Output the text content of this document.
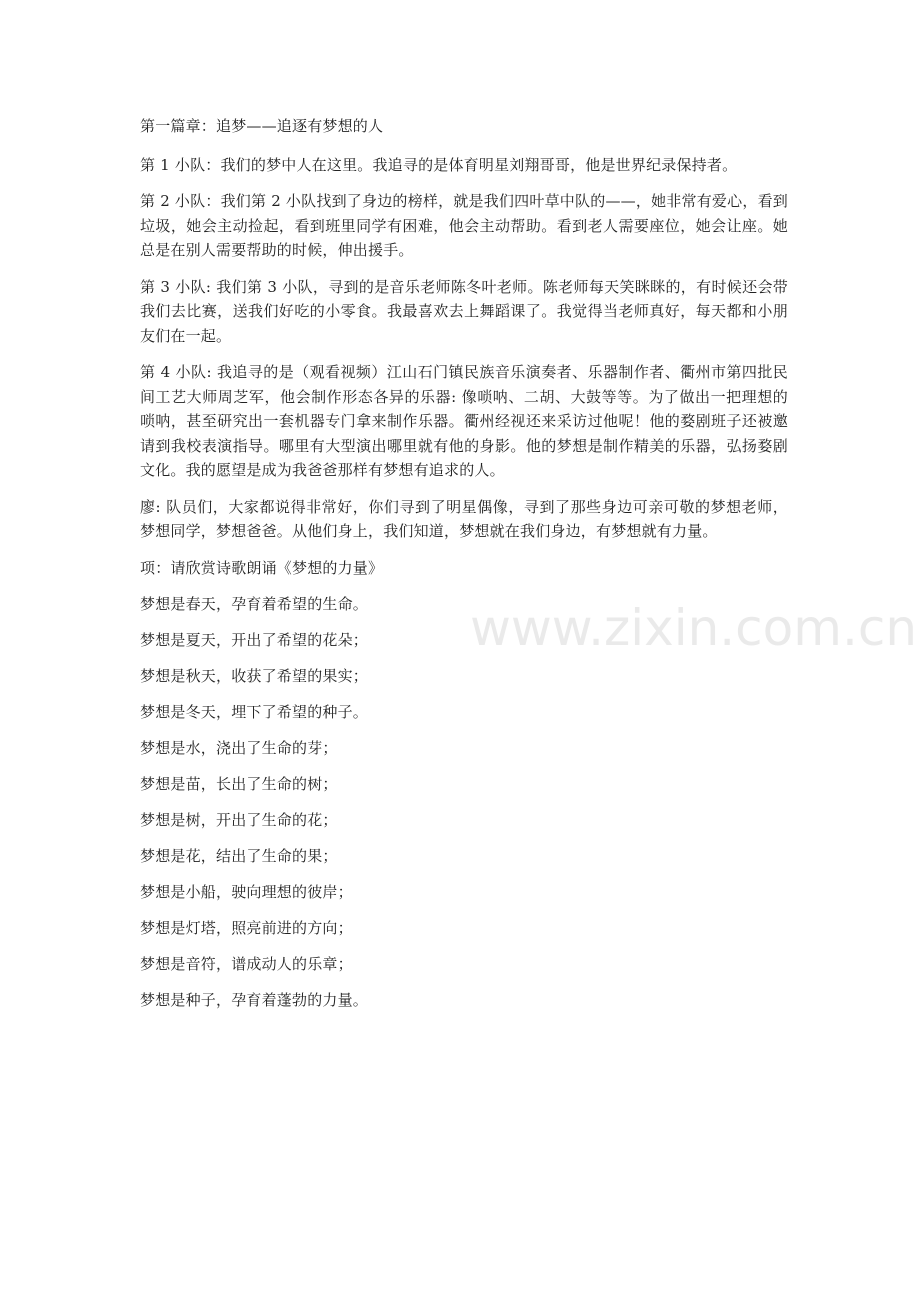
第一篇章：追梦——追逐有梦想的人

第 1 小队：我们的梦中人在这里。我追寻的是体育明星刘翔哥哥，他是世界纪录保持者。

第 2 小队：我们第 2 小队找到了身边的榜样，就是我们四叶草中队的——，她非常有爱心，看到垃圾，她会主动捡起，看到班里同学有困难，他会主动帮助。看到老人需要座位，她会让座。她总是在别人需要帮助的时候，伸出援手。

第 3 小队: 我们第 3 小队，寻到的是音乐老师陈冬叶老师。陈老师每天笑眯眯的，有时候还会带我们去比赛，送我们好吃的小零食。我最喜欢去上舞蹈课了。我觉得当老师真好，每天都和小朋友们在一起。

第 4 小队: 我追寻的是（观看视频）江山石门镇民族音乐演奏者、乐器制作者、衢州市第四批民间工艺大师周芝军，他会制作形态各异的乐器: 像唢呐、二胡、大鼓等等。为了做出一把理想的唢呐，甚至研究出一套机器专门拿来制作乐器。衢州经视还来采访过他呢！他的婺剧班子还被邀请到我校表演指导。哪里有大型演出哪里就有他的身影。他的梦想是制作精美的乐器，弘扬婺剧文化。我的愿望是成为我爸爸那样有梦想有追求的人。

廖: 队员们，大家都说得非常好，你们寻到了明星偶像，寻到了那些身边可亲可敬的梦想老师，梦想同学，梦想爸爸。从他们身上，我们知道，梦想就在我们身边，有梦想就有力量。

项：请欣赏诗歌朗诵《梦想的力量》

梦想是春天，孕育着希望的生命。

梦想是夏天，开出了希望的花朵；

梦想是秋天，收获了希望的果实；

梦想是冬天，埋下了希望的种子。

梦想是水，浇出了生命的芽；

梦想是苗，长出了生命的树；

梦想是树，开出了生命的花；

梦想是花，结出了生命的果；

梦想是小船，驶向理想的彼岸；

梦想是灯塔，照亮前进的方向；

梦想是音符，谱成动人的乐章；

梦想是种子，孕育着蓬勃的力量。

www.zixin.com.cn
